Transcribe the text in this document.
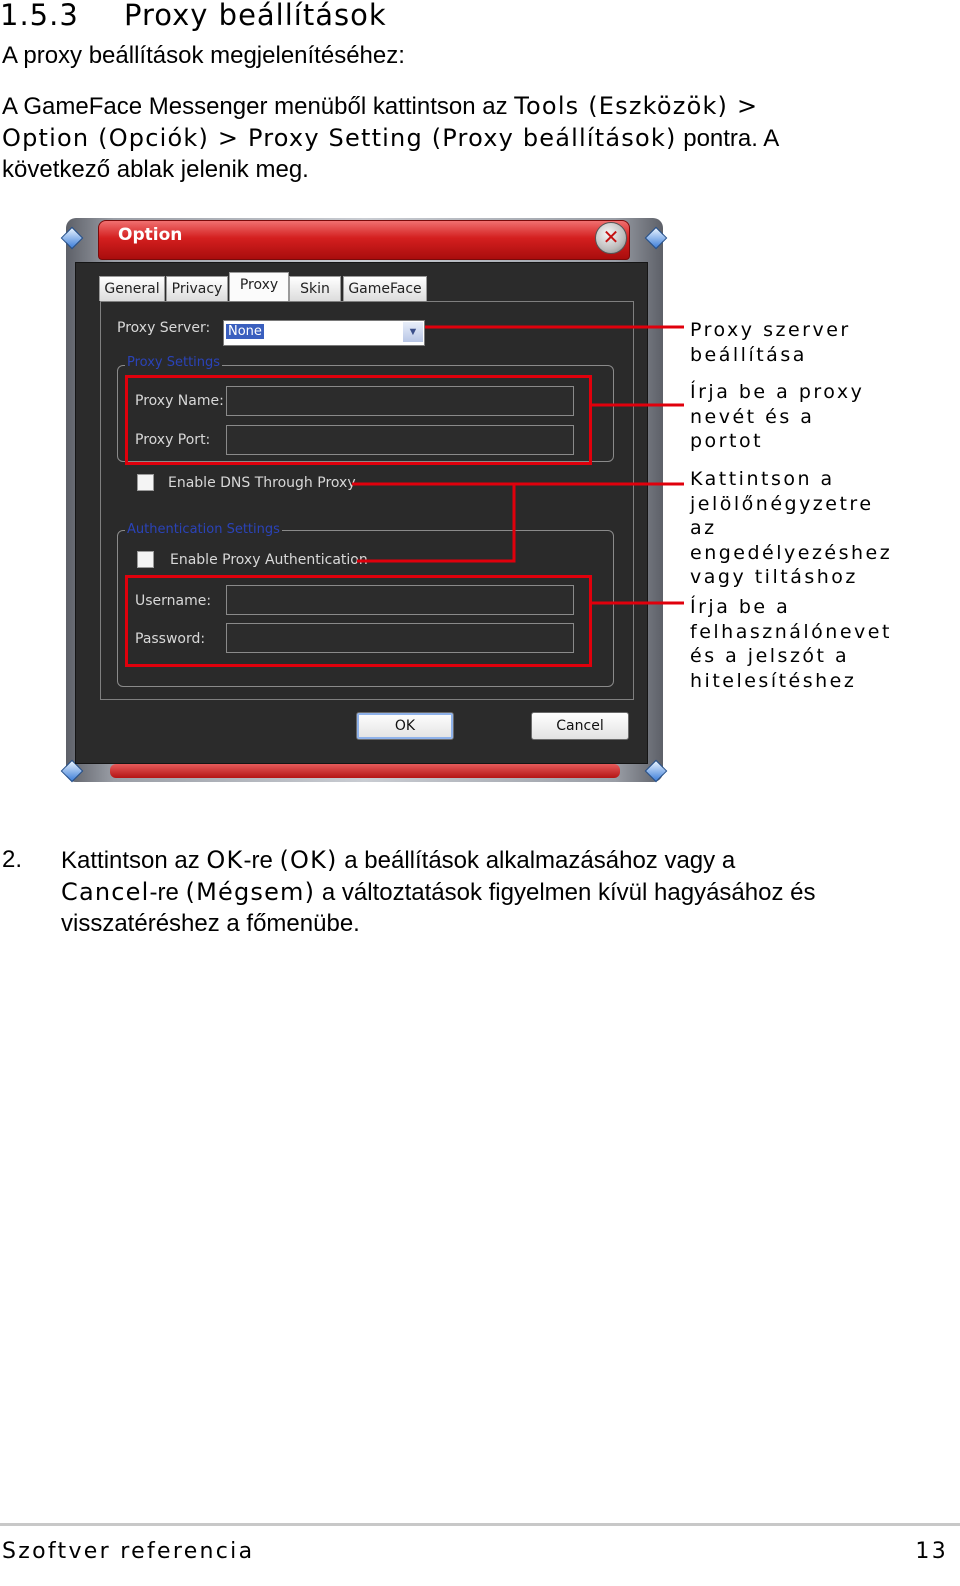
1.5.3 Proxy beállítások
A proxy beállítások megjelenítéséhez:
A GameFace Messenger menüből kattintson az Tools (Eszközök) >
Option (Opciók) > Proxy Setting (Proxy beállítások) pontra. A
következő ablak jelenik meg.
Option	✕
General Privacy	Proxy	Skin	GameFace
Proxy Server: None	▼
Proxy Settings
Proxy Name:
Proxy Port:
Enable DNS Through Proxy
Authentication Settings
Enable Proxy Authentication
Username:
Password:
OK	Cancel
Proxy szerver
beállítása
Írja be a proxy
nevét és a
portot
Kattintson a
jelölőnégyzetre
az
engedélyezéshez
vagy tiltáshoz
Írja be a
felhasználónevet
és a jelszót a
hitelesítéshez
2. Kattintson az OK-re (OK) a beállítások alkalmazásához vagy a
Cancel-re (Mégsem) a változtatások figyelmen kívül hagyásához és
visszatéréshez a főmenübe.
Szoftver referencia	13
